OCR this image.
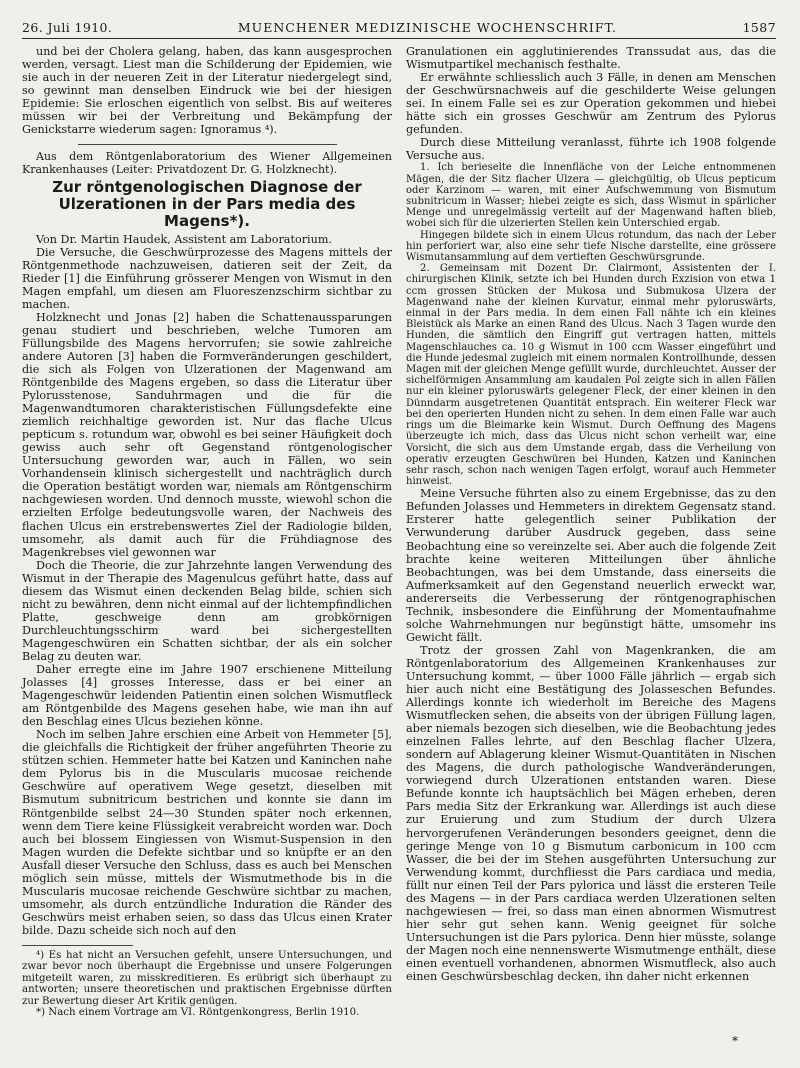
26. Juli 1910.	MUENCHENER MEDIZINISCHE WOCHENSCHRIFT.	1587

und bei der Cholera gelang, haben, das kann ausgesprochen werden, versagt. Liest man die Schilderung der Epidemien, wie sie auch in der neueren Zeit in der Literatur niedergelegt sind, so gewinnt man denselben Eindruck wie bei der hiesigen Epidemie: Sie erloschen eigentlich von selbst. Bis auf weiteres müssen wir bei der Verbreitung und Bekämpfung der Genickstarre wiederum sagen: Ignoramus ⁴).

Aus dem Röntgenlaboratorium des Wiener Allgemeinen Krankenhauses (Leiter: Privatdozent Dr. G. Holzknecht).

Zur röntgenologischen Diagnose der Ulzerationen in der Pars media des Magens*).

Von Dr. Martin Haudek, Assistent am Laboratorium.

Die Versuche, die Geschwürprozesse des Magens mittels der Röntgenmethode nachzuweisen, datieren seit der Zeit, da Rieder [1] die Einführung grösserer Mengen von Wismut in den Magen empfahl, um diesen am Fluoreszenzschirm sichtbar zu machen.

Holzknecht und Jonas [2] haben die Schattenaussparungen genau studiert und beschrieben, welche Tumoren am Füllungsbilde des Magens hervorrufen; sie sowie zahlreiche andere Autoren [3] haben die Formveränderungen geschildert, die sich als Folgen von Ulzerationen der Magenwand am Röntgenbilde des Magens ergeben, so dass die Literatur über Pylorusstenose, Sanduhrmagen und die für die Magenwandtumoren charakteristischen Füllungsdefekte eine ziemlich reichhaltige geworden ist. Nur das flache Ulcus pepticum s. rotundum war, obwohl es bei seiner Häufigkeit doch gewiss auch sehr oft Gegenstand röntgenologischer Untersuchung geworden war, auch in Fällen, wo sein Vorhandensein klinisch sichergestellt und nachträglich durch die Operation bestätigt worden war, niemals am Röntgenschirm nachgewiesen worden. Und dennoch musste, wiewohl schon die erzielten Erfolge bedeutungsvolle waren, der Nachweis des flachen Ulcus ein erstrebenswertes Ziel der Radiologie bilden, umsomehr, als damit auch für die Frühdiagnose des Magenkrebses viel gewonnen war

Doch die Theorie, die zur Jahrzehnte langen Verwendung des Wismut in der Therapie des Magenulcus geführt hatte, dass auf diesem das Wismut einen deckenden Belag bilde, schien sich nicht zu bewähren, denn nicht einmal auf der lichtempfindlichen Platte, geschweige denn am grobkörnigen Durchleuchtungsschirm ward bei sichergestellten Magengeschwüren ein Schatten sichtbar, der als ein solcher Belag zu deuten war.

Daher erregte eine im Jahre 1907 erschienene Mitteilung Jolasses [4] grosses Interesse, dass er bei einer an Magengeschwür leidenden Patientin einen solchen Wismutfleck am Röntgenbilde des Magens gesehen habe, wie man ihn auf den Beschlag eines Ulcus beziehen könne.

Noch im selben Jahre erschien eine Arbeit von Hemmeter [5], die gleichfalls die Richtigkeit der früher angeführten Theorie zu stützen schien. Hemmeter hatte bei Katzen und Kaninchen nahe dem Pylorus bis in die Muscularis mucosae reichende Geschwüre auf operativem Wege gesetzt, dieselben mit Bismutum subnitricum bestrichen und konnte sie dann im Röntgenbilde selbst 24—30 Stunden später noch erkennen, wenn dem Tiere keine Flüssigkeit verabreicht worden war. Doch auch bei blossem Eingiessen von Wismut-Suspension in den Magen wurden die Defekte sichtbar und so knüpfte er an den Ausfall dieser Versuche den Schluss, dass es auch bei Menschen möglich sein müsse, mittels der Wismutmethode bis in die Muscularis mucosae reichende Geschwüre sichtbar zu machen, umsomehr, als durch entzündliche Induration die Ränder des Geschwürs meist erhaben seien, so dass das Ulcus einen Krater bilde. Dazu scheide sich noch auf den

⁴) Es hat nicht an Versuchen gefehlt, unsere Untersuchungen, und zwar bevor noch überhaupt die Ergebnisse und unsere Folgerungen mitgeteilt waren, zu misskreditieren. Es erübrigt sich überhaupt zu antworten; unsere theoretischen und praktischen Ergebnisse dürften zur Bewertung dieser Art Kritik genügen.

*) Nach einem Vortrage am VI. Röntgenkongress, Berlin 1910.

Granulationen ein agglutinierendes Transsudat aus, das die Wismutpartikel mechanisch festhalte.

Er erwähnte schliesslich auch 3 Fälle, in denen am Menschen der Geschwürsnachweis auf die geschilderte Weise gelungen sei. In einem Falle sei es zur Operation gekommen und hiebei hätte sich ein grosses Geschwür am Zentrum des Pylorus gefunden.

Durch diese Mitteilung veranlasst, führte ich 1908 folgende Versuche aus.

1. Ich berieselte die Innenfläche von der Leiche entnommenen Mägen, die der Sitz flacher Ulzera — gleichgültig, ob Ulcus pepticum oder Karzinom — waren, mit einer Aufschwemmung von Bismutum subnitricum in Wasser; hiebei zeigte es sich, dass Wismut in spärlicher Menge und unregelmässig verteilt auf der Magenwand haften blieb, wobei sich für die ulzerierten Stellen kein Unterschied ergab.

Hingegen bildete sich in einem Ulcus rotundum, das nach der Leber hin perforiert war, also eine sehr tiefe Nische darstellte, eine grössere Wismutansammlung auf dem vertieften Geschwürsgrunde.

2. Gemeinsam mit Dozent Dr. Clairmont, Assistenten der I. chirurgischen Klinik, setzte ich bei Hunden durch Exzision von etwa 1 ccm grossen Stücken der Mukosa und Submukosa Ulzera der Magenwand nahe der kleinen Kurvatur, einmal mehr pyloruswärts, einmal in der Pars media. In dem einen Fall nähte ich ein kleines Bleistück als Marke an einen Rand des Ulcus. Nach 3 Tagen wurde den Hunden, die sämtlich den Eingriff gut vertragen hatten, mittels Magenschlauches ca. 10 g Wismut in 100 ccm Wasser eingeführt und die Hunde jedesmal zugleich mit einem normalen Kontrollhunde, dessen Magen mit der gleichen Menge gefüllt wurde, durchleuchtet. Ausser der sichelförmigen Ansammlung am kaudalen Pol zeigte sich in allen Fällen nur ein kleiner pyloruswärts gelegener Fleck, der einer kleinen in den Dünndarm ausgetretenen Quantität entsprach. Ein weiterer Fleck war bei den operierten Hunden nicht zu sehen. In dem einen Falle war auch rings um die Bleimarke kein Wismut. Durch Oeffnung des Magens überzeugte ich mich, dass das Ulcus nicht schon verheilt war, eine Vorsicht, die sich aus dem Umstande ergab, dass die Verheilung von operativ erzeugten Geschwüren bei Hunden, Katzen und Kaninchen sehr rasch, schon nach wenigen Tagen erfolgt, worauf auch Hemmeter hinweist.

Meine Versuche führten also zu einem Ergebnisse, das zu den Befunden Jolasses und Hemmeters in direktem Gegensatz stand. Ersterer hatte gelegentlich seiner Publikation der Verwunderung darüber Ausdruck gegeben, dass seine Beobachtung eine so vereinzelte sei. Aber auch die folgende Zeit brachte keine weiteren Mitteilungen über ähnliche Beobachtungen, was bei dem Umstande, dass einerseits die Aufmerksamkeit auf den Gegenstand neuerlich erweckt war, andererseits die Verbesserung der röntgenographischen Technik, insbesondere die Einführung der Momentaufnahme solche Wahrnehmungen nur begünstigt hätte, umsomehr ins Gewicht fällt.

Trotz der grossen Zahl von Magenkranken, die am Röntgenlaboratorium des Allgemeinen Krankenhauses zur Untersuchung kommt, — über 1000 Fälle jährlich — ergab sich hier auch nicht eine Bestätigung des Jolasseschen Befundes. Allerdings konnte ich wiederholt im Bereiche des Magens Wismutflecken sehen, die abseits von der übrigen Füllung lagen, aber niemals bezogen sich dieselben, wie die Beobachtung jedes einzelnen Falles lehrte, auf den Beschlag flacher Ulzera, sondern auf Ablagerung kleiner Wismut-Quantitäten in Nischen des Magens, die durch pathologische Wandveränderungen, vorwiegend durch Ulzerationen entstanden waren. Diese Befunde konnte ich hauptsächlich bei Mägen erheben, deren Pars media Sitz der Erkrankung war. Allerdings ist auch diese zur Eruierung und zum Studium der durch Ulzera hervorgerufenen Veränderungen besonders geeignet, denn die geringe Menge von 10 g Bismutum carbonicum in 100 ccm Wasser, die bei der im Stehen ausgeführten Untersuchung zur Verwendung kommt, durchfliesst die Pars cardiaca und media, füllt nur einen Teil der Pars pylorica und lässt die ersteren Teile des Magens — in der Pars cardiaca werden Ulzerationen selten nachgewiesen — frei, so dass man einen abnormen Wismutrest hier sehr gut sehen kann. Wenig geeignet für solche Untersuchungen ist die Pars pylorica. Denn hier müsste, solange der Magen noch eine nennenswerte Wismutmenge enthält, diese einen eventuell vorhandenen, abnormen Wismutfleck, also auch einen Geschwürsbeschlag decken, ihn daher nicht erkennen

*
